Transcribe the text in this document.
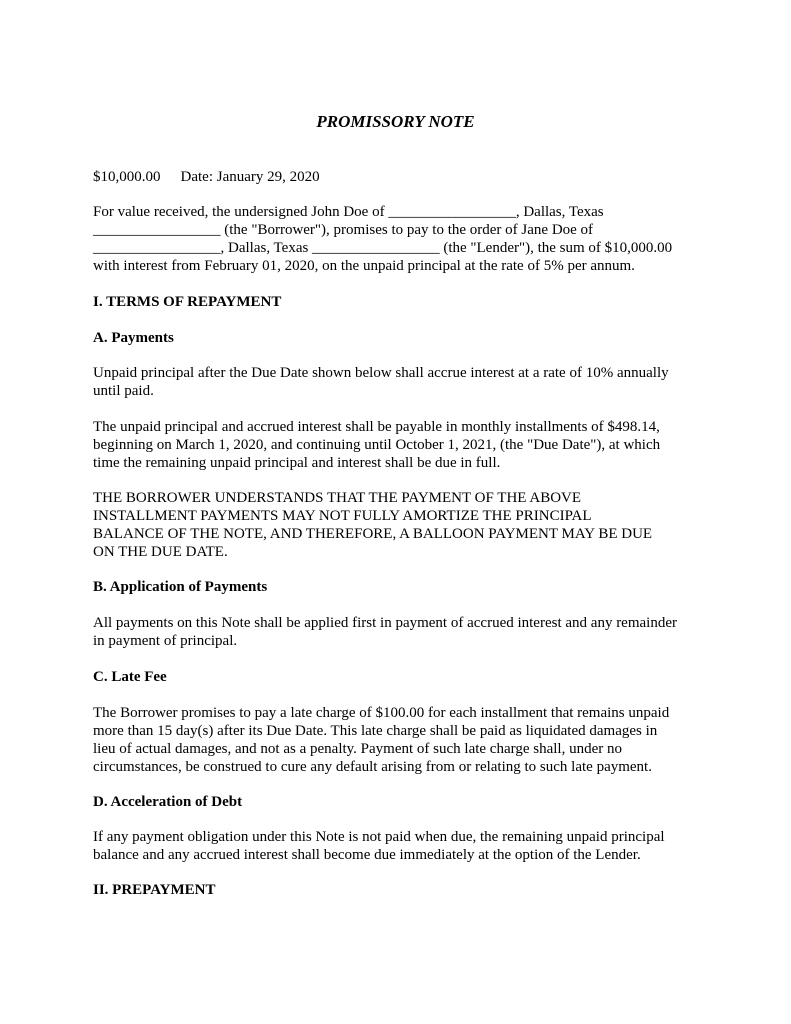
PROMISSORY NOTE
$10,000.00 Date: January 29, 2020
For value received, the undersigned John Doe of _________________, Dallas, Texas
_________________ (the "Borrower"), promises to pay to the order of Jane Doe of
_________________, Dallas, Texas _________________ (the "Lender"), the sum of $10,000.00
with interest from February 01, 2020, on the unpaid principal at the rate of 5% per annum.
I. TERMS OF REPAYMENT
A. Payments
Unpaid principal after the Due Date shown below shall accrue interest at a rate of 10% annually
until paid.
The unpaid principal and accrued interest shall be payable in monthly installments of $498.14,
beginning on March 1, 2020, and continuing until October 1, 2021, (the "Due Date"), at which
time the remaining unpaid principal and interest shall be due in full.
THE BORROWER UNDERSTANDS THAT THE PAYMENT OF THE ABOVE
INSTALLMENT PAYMENTS MAY NOT FULLY AMORTIZE THE PRINCIPAL
BALANCE OF THE NOTE, AND THEREFORE, A BALLOON PAYMENT MAY BE DUE
ON THE DUE DATE.
B. Application of Payments
All payments on this Note shall be applied first in payment of accrued interest and any remainder
in payment of principal.
C. Late Fee
The Borrower promises to pay a late charge of $100.00 for each installment that remains unpaid
more than 15 day(s) after its Due Date. This late charge shall be paid as liquidated damages in
lieu of actual damages, and not as a penalty. Payment of such late charge shall, under no
circumstances, be construed to cure any default arising from or relating to such late payment.
D. Acceleration of Debt
If any payment obligation under this Note is not paid when due, the remaining unpaid principal
balance and any accrued interest shall become due immediately at the option of the Lender.
II. PREPAYMENT
